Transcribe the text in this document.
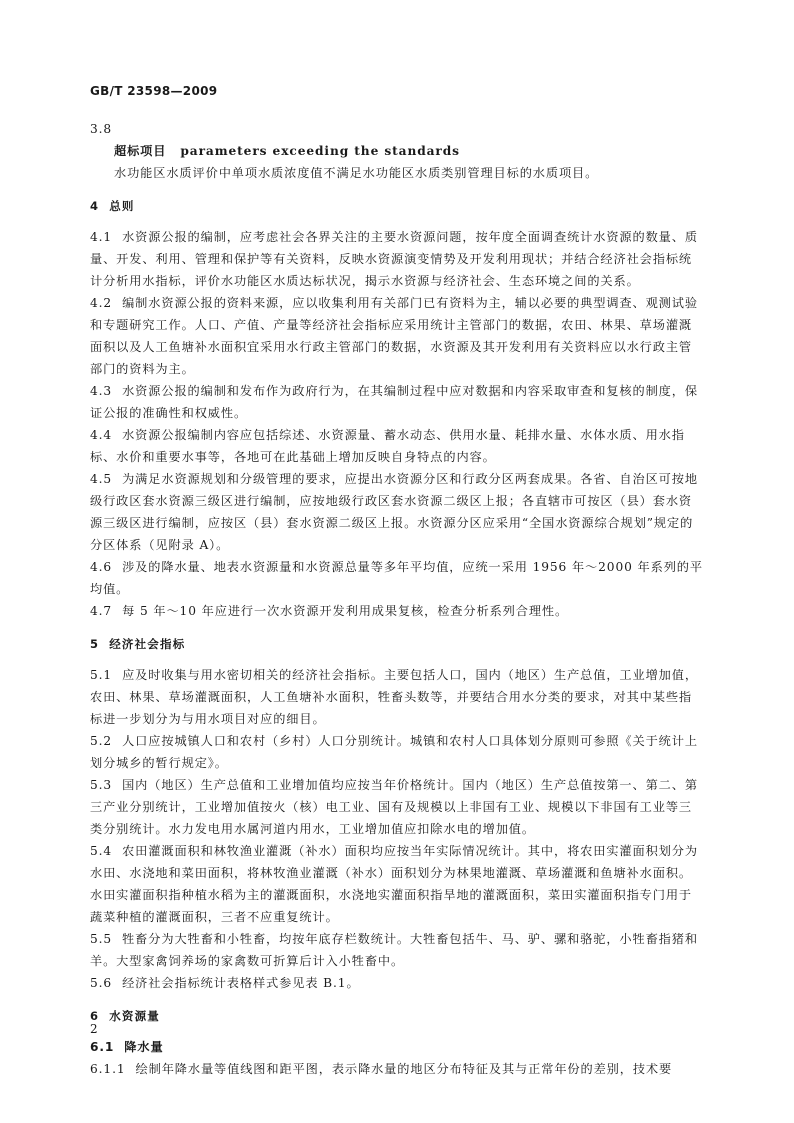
GB/T 23598—2009
3.8
超标项目 parameters exceeding the standards
水功能区水质评价中单项水质浓度值不满足水功能区水质类别管理目标的水质项目。
4 总则
4.1 水资源公报的编制，应考虑社会各界关注的主要水资源问题，按年度全面调查统计水资源的数量、质量、开发、利用、管理和保护等有关资料，反映水资源演变情势及开发利用现状；并结合经济社会指标统计分析用水指标，评价水功能区水质达标状况，揭示水资源与经济社会、生态环境之间的关系。
4.2 编制水资源公报的资料来源，应以收集利用有关部门已有资料为主，辅以必要的典型调查、观测试验和专题研究工作。人口、产值、产量等经济社会指标应采用统计主管部门的数据，农田、林果、草场灌溉面积以及人工鱼塘补水面积宜采用水行政主管部门的数据，水资源及其开发利用有关资料应以水行政主管部门的资料为主。
4.3 水资源公报的编制和发布作为政府行为，在其编制过程中应对数据和内容采取审查和复核的制度，保证公报的准确性和权威性。
4.4 水资源公报编制内容应包括综述、水资源量、蓄水动态、供用水量、耗排水量、水体水质、用水指标、水价和重要水事等，各地可在此基础上增加反映自身特点的内容。
4.5 为满足水资源规划和分级管理的要求，应提出水资源分区和行政分区两套成果。各省、自治区可按地级行政区套水资源三级区进行编制，应按地级行政区套水资源二级区上报；各直辖市可按区（县）套水资源三级区进行编制，应按区（县）套水资源二级区上报。水资源分区应采用“全国水资源综合规划”规定的分区体系（见附录 A）。
4.6 涉及的降水量、地表水资源量和水资源总量等多年平均值，应统一采用 1956 年～2000 年系列的平均值。
4.7 每 5 年～10 年应进行一次水资源开发利用成果复核，检查分析系列合理性。
5 经济社会指标
5.1 应及时收集与用水密切相关的经济社会指标。主要包括人口，国内（地区）生产总值，工业增加值，农田、林果、草场灌溉面积，人工鱼塘补水面积，牲畜头数等，并要结合用水分类的要求，对其中某些指标进一步划分为与用水项目对应的细目。
5.2 人口应按城镇人口和农村（乡村）人口分别统计。城镇和农村人口具体划分原则可参照《关于统计上划分城乡的暂行规定》。
5.3 国内（地区）生产总值和工业增加值均应按当年价格统计。国内（地区）生产总值按第一、第二、第三产业分别统计，工业增加值按火（核）电工业、国有及规模以上非国有工业、规模以下非国有工业等三类分别统计。水力发电用水属河道内用水，工业增加值应扣除水电的增加值。
5.4 农田灌溉面积和林牧渔业灌溉（补水）面积均应按当年实际情况统计。其中，将农田实灌面积划分为水田、水浇地和菜田面积，将林牧渔业灌溉（补水）面积划分为林果地灌溉、草场灌溉和鱼塘补水面积。水田实灌面积指种植水稻为主的灌溉面积，水浇地实灌面积指旱地的灌溉面积，菜田实灌面积指专门用于蔬菜种植的灌溉面积，三者不应重复统计。
5.5 牲畜分为大牲畜和小牲畜，均按年底存栏数统计。大牲畜包括牛、马、驴、骡和骆驼，小牲畜指猪和羊。大型家禽饲养场的家禽数可折算后计入小牲畜中。
5.6 经济社会指标统计表格样式参见表 B.1。
6 水资源量
6.1 降水量
6.1.1 绘制年降水量等值线图和距平图，表示降水量的地区分布特征及其与正常年份的差别，技术要
2
